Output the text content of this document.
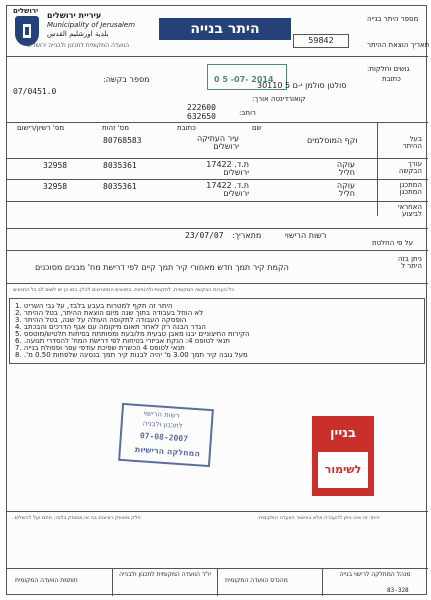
ירושלים עיריית ירושלים
Municipality of Jerusalem
بلدية اورشليم القدس
הוועדה המקומית לתכנון ולבנייה ירושלים
היתר בנייה
מספר היתר בנייה
59842	תאריך הוצאת ההיתר
0 5 -07- 2014
גושים וחלקות:
מספר בקשה:
07/0451.0
כתובת
סולטן סולמן י-ם 5 30110
קואורדינטה אורך:
222600
רוחב:
632650
שם
כתובת
מס' זהות
מס' רשיון/רישום
בעל ההיתר
וקף המוסלמים
עיר העתיקה ירושלים
80768583
עורך הבקשה
עוקה חליל
ת.ד. 17422 ירושלים
8035361
32958
המתכנן המתכנן
עוקה חליל
ת.ד. 17422 ירושלים
8035361
32958
האחראי לביצוע
על פי החלטת
רשות הרישוי
מתאריך:
23/07/07
ניתן בזה היתר ל
הקמת קיר תמך חדש מאחורי קיר תמך קיים לפי דרישת מח' מבנים מסוכנים
כל הערות הבקשה המקומית, לתקנות ולהנחיות. בתנאים המפורטים להלן. כמו כן יש לשים לב כל התנאים
היתר זה תקף למטרות בעבע בלבד, על גבי השריט .1
לא הוחל בעבודה בתוך שנה מיום הוצאת ההיתר, בטל ההיתר .2
הופסקה העבודה לתקופה העולה על שנה, בטל ההיתר .3
הגדר הבנה רק לאחר תאום מיקומה עם אגף הדרכים והבכתב .4
הקירות החיצוניים יבנו מאבן טבעית מלובעת ומסותתת בסיתות תלטיש/מוטסס .5
תנאי לטופס 4: הנקת אביזרי בטיחות לפי דרישת המח' להסדרי תנועה. .6
תנאי לטופס 4 הכשרת שפיכת עודפי עפר ופסולת בנייה .7
מעל גובה קיר תמך 3.00 מ' יהיה לבנות קיר תמך בנסיגה שלפחות 0.50 מ'. .8
רשות הרישוי
לתכנון ולבניה
07-08-2007
המחלקה הרישיות
בניין
לשימור
חלק מסופק רציונות בה או מסופק בלבד, חתם ועל להשלים.	היתר זה אינו ניתן להעברה אלא באישור הוועדה המקומית.
חותמת הוועדה המקומית
יו"ר הוועדה המקומית לתכנון ולבנייה
מהנדס הוועדה המקומית
מנהל המחלקה לרישוי בנייה
83-328
